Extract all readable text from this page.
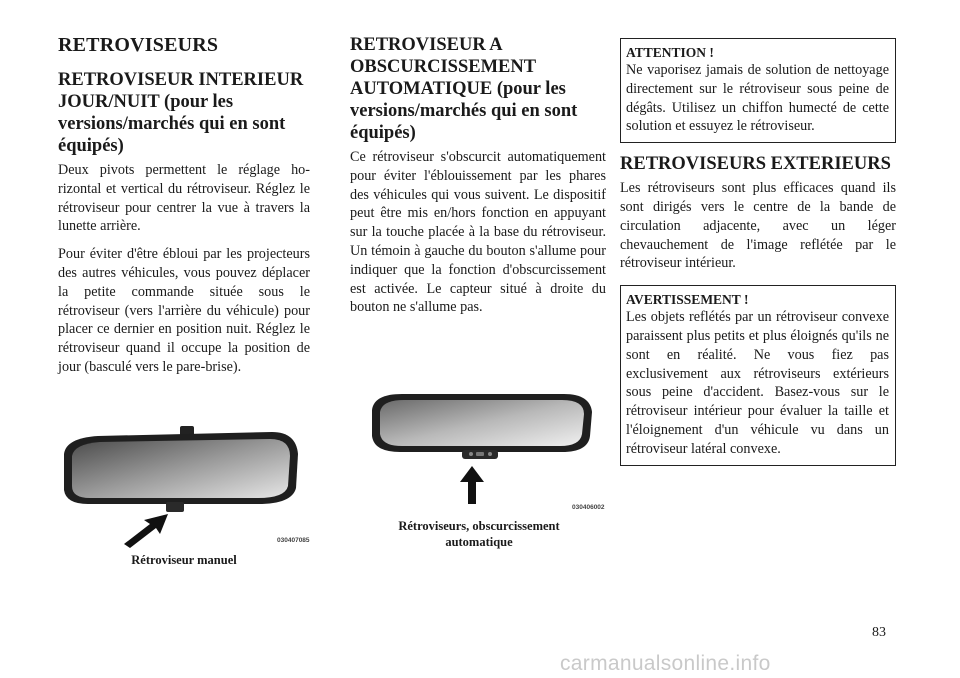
RETROVISEURS
RETROVISEUR INTERIEUR JOUR/NUIT (pour les versions/marchés qui en sont équipés)

Deux pivots permettent le réglage horizontal et vertical du rétroviseur. Réglez le rétroviseur pour centrer la vue à travers la lunette arrière.

Pour éviter d'être ébloui par les projecteurs des autres véhicules, vous pouvez déplacer la petite commande située sous le rétroviseur (vers l'arrière du véhicule) pour placer ce dernier en position nuit. Réglez le rétroviseur quand il occupe la position de jour (basculé vers le pare-brise).

030407085
Rétroviseur manuel
RETROVISEUR A OBSCURCISSEMENT AUTOMATIQUE (pour les versions/marchés qui en sont équipés)

Ce rétroviseur s'obscurcit automatiquement pour éviter l'éblouissement par les phares des véhicules qui vous suivent. Le dispositif peut être mis en/hors fonction en appuyant sur la touche placée à la base du rétroviseur. Un témoin à gauche du bouton s'allume pour indiquer que la fonction d'obscurcissement est activée. Le capteur situé à droite du bouton ne s'allume pas.

030406002
Rétroviseurs, obscurcissement automatique
ATTENTION !

Ne vaporisez jamais de solution de nettoyage directement sur le rétroviseur sous peine de dégâts. Utilisez un chiffon humecté de cette solution et essuyez le rétroviseur.

RETROVISEURS EXTERIEURS

Les rétroviseurs sont plus efficaces quand ils sont dirigés vers le centre de la bande de circulation adjacente, avec un léger chevauchement de l'image reflétée par le rétroviseur intérieur.

AVERTISSEMENT !

Les objets reflétés par un rétroviseur convexe paraissent plus petits et plus éloignés qu'ils ne sont en réalité. Ne vous fiez pas exclusivement aux rétroviseurs extérieurs sous peine d'accident. Basez-vous sur le rétroviseur intérieur pour évaluer la taille et l'éloignement d'un véhicule vu dans un rétroviseur latéral convexe.

83
carmanualsonline.info
